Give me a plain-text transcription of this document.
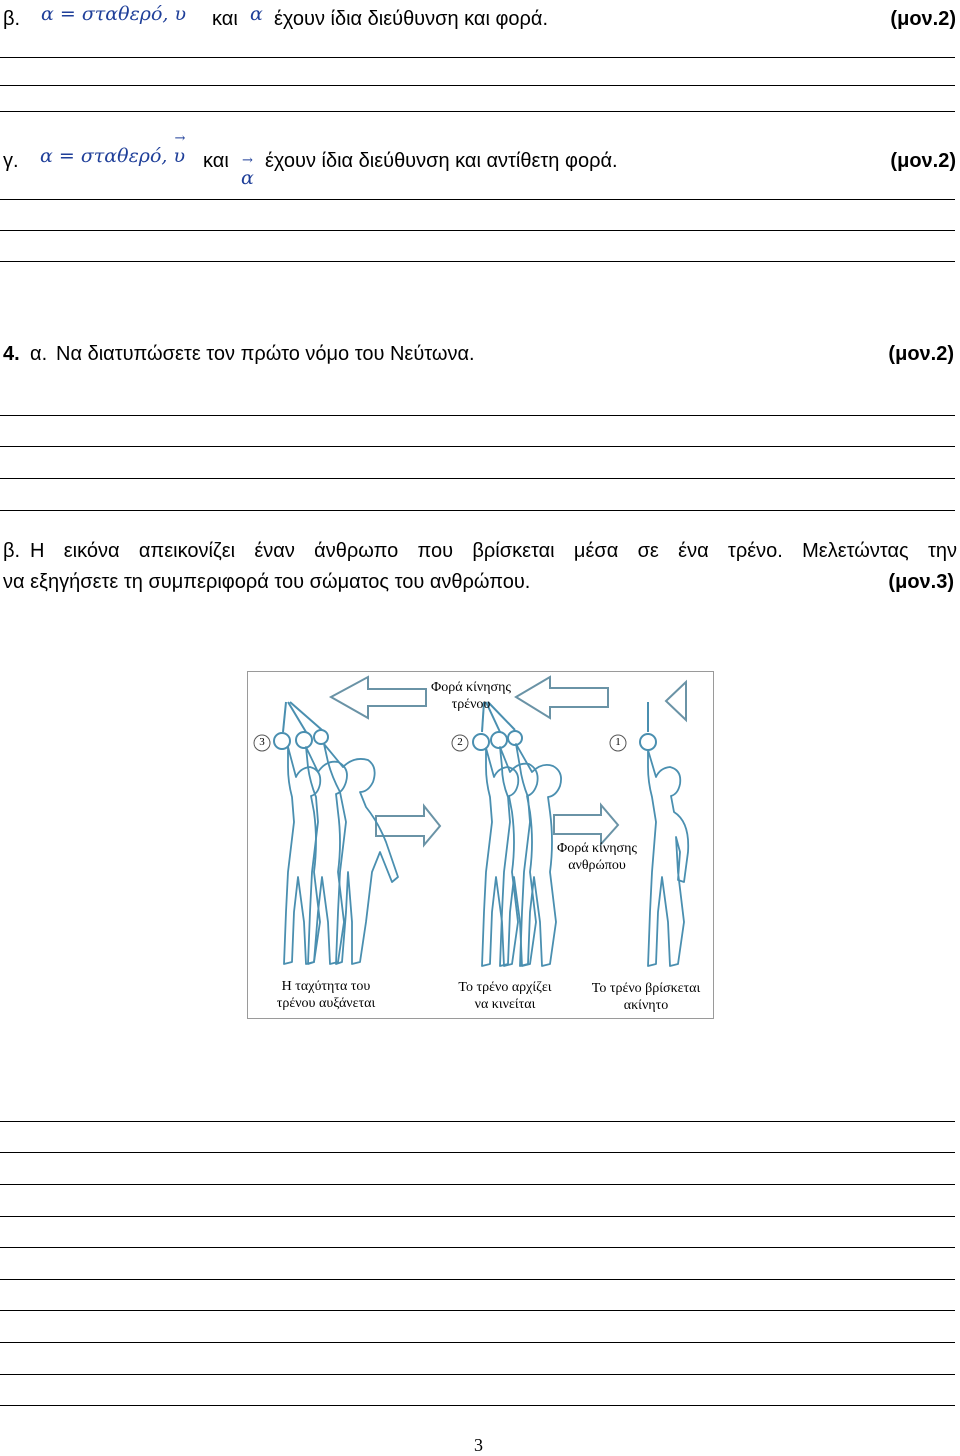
β. α = σταθερό, → υ και → α έχουν ίδια διεύθυνση και φορά.	(μον.2)
γ. α = σταθερό, → υ και
→ α
έχουν ίδια διεύθυνση και αντίθετη φορά.	(μον.2)
4. α. Να διατυπώσετε τον πρώτο νόμο του Νεύτωνα.	(μον.2)
β. Η εικόνα απεικονίζει έναν άνθρωπο που βρίσκεται μέσα σε ένα τρένο. Μελετώντας την
να εξηγήσετε τη συμπεριφορά του σώματος του ανθρώπου.	(μον.3)
Φορά κίνησης
τρένου
Φορά κίνησης
ανθρώπου
3	2	1
Η ταχύτητα του
τρένου αυξάνεται
Το τρένο αρχίζει
να κινείται
Το τρένο βρίσκεται
ακίνητο
3
